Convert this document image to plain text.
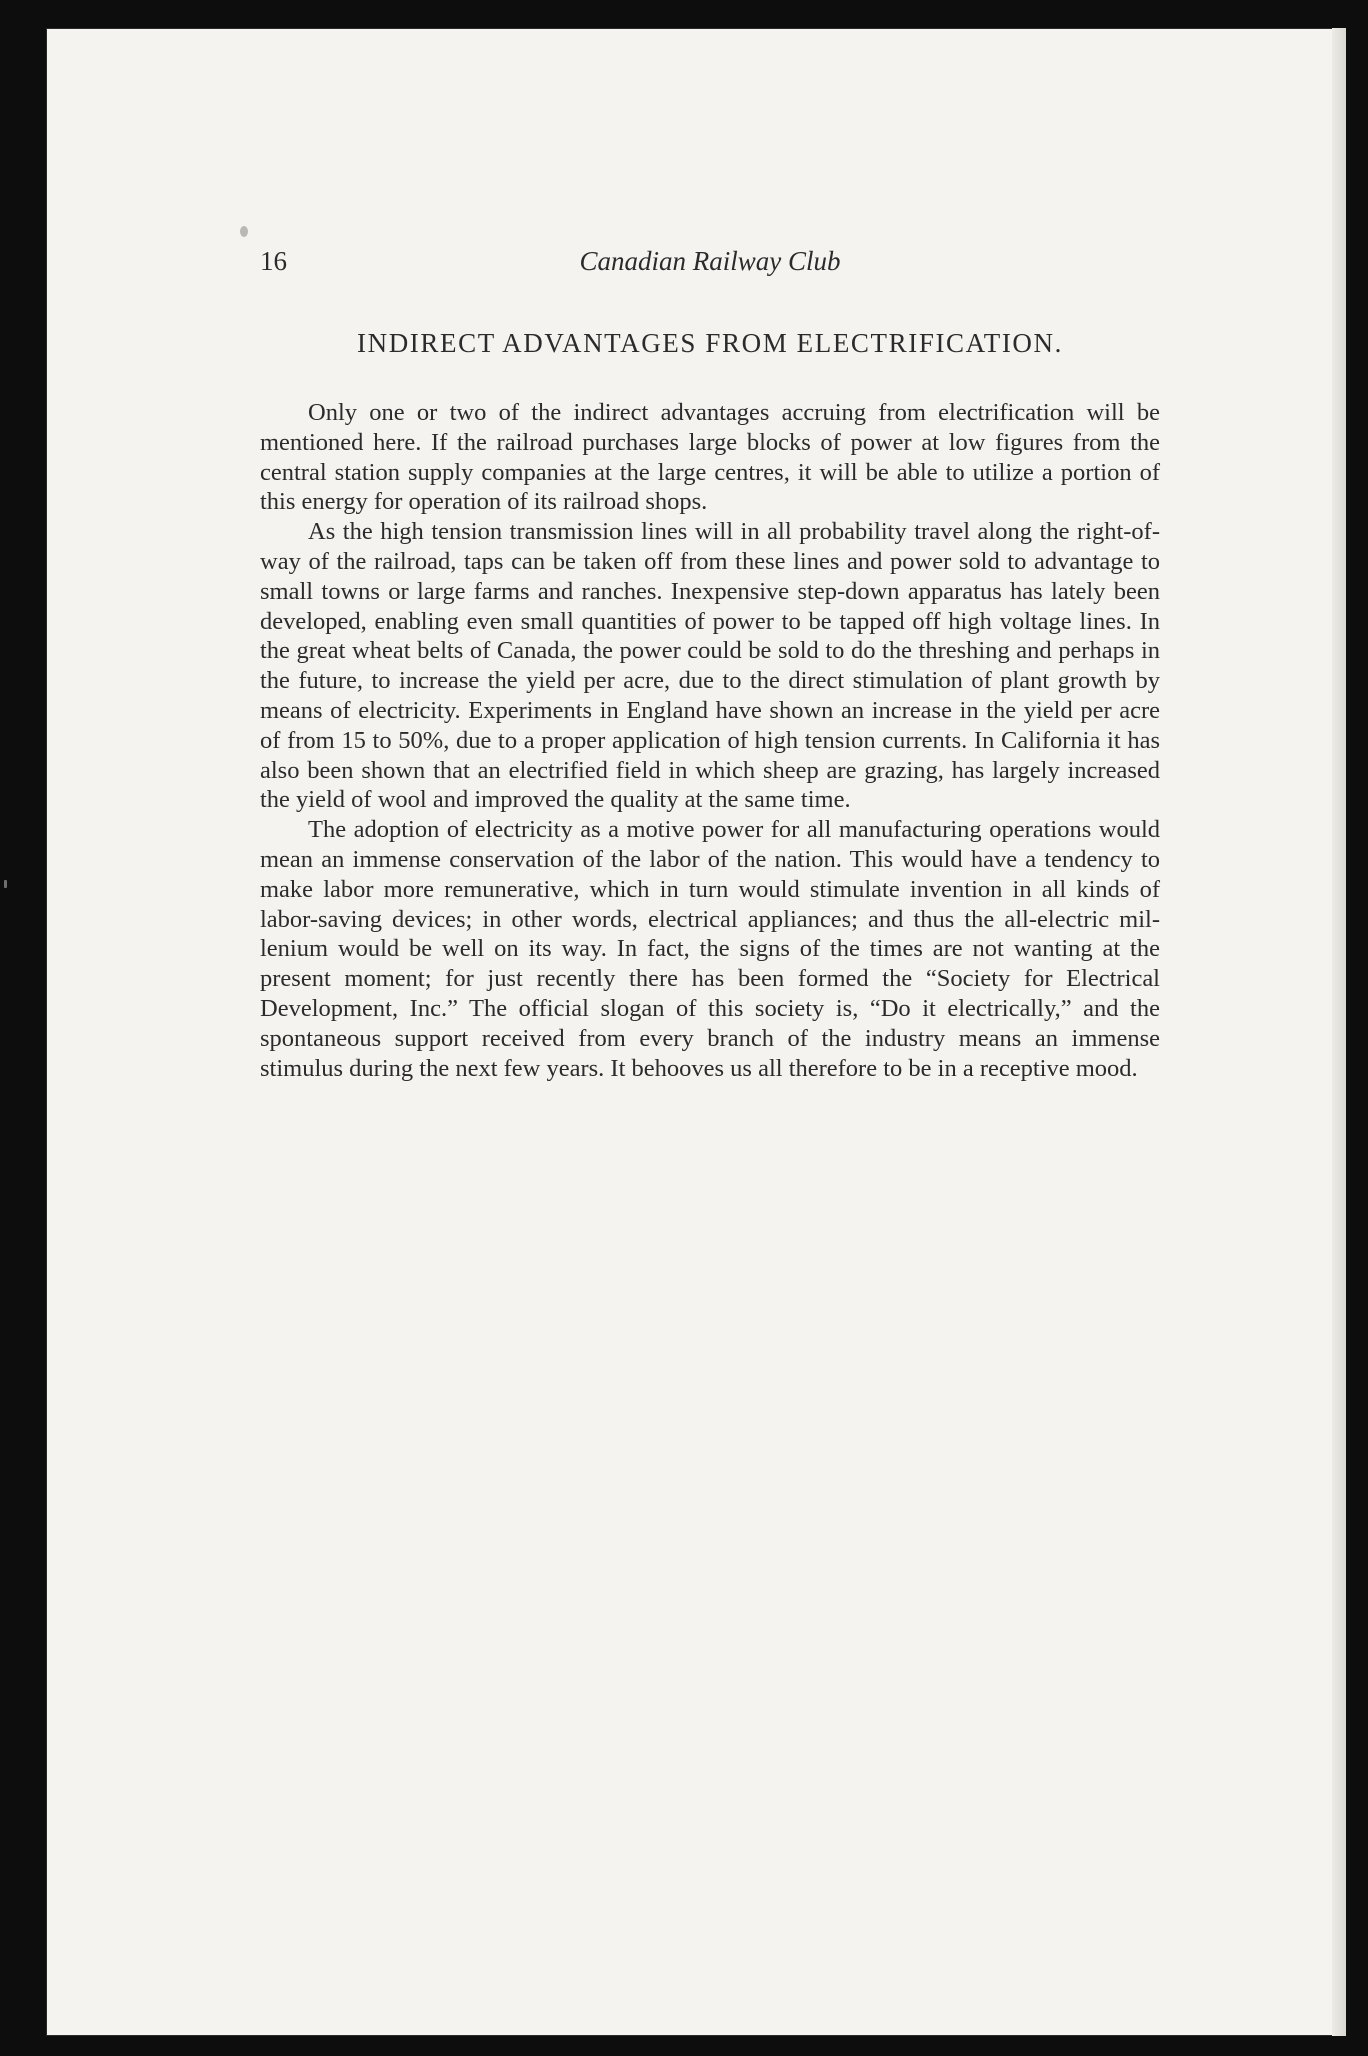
16	Canadian Railway Club
INDIRECT ADVANTAGES FROM ELECTRIFICATION.

Only one or two of the indirect advantages accruing from electrification will be mentioned here. If the railroad purchases large blocks of power at low figures from the central station supply companies at the large centres, it will be able to utilize a portion of this energy for operation of its railroad shops.

As the high tension transmission lines will in all probability travel along the right-of-way of the railroad, taps can be taken off from these lines and power sold to advantage to small towns or large farms and ranches. Inexpensive step-down apparatus has lately been developed, enabling even small quantities of power to be tapped off high voltage lines. In the great wheat belts of Canada, the power could be sold to do the threshing and perhaps in the future, to increase the yield per acre, due to the direct stimulation of plant growth by means of electricity. Experiments in England have shown an increase in the yield per acre of from 15 to 50%, due to a proper application of high tension currents. In California it has also been shown that an electrified field in which sheep are grazing, has largely increased the yield of wool and improved the quality at the same time.

The adoption of electricity as a motive power for all manufacturing operations would mean an immense conservation of the labor of the nation. This would have a tendency to make labor more remunerative, which in turn would stimulate invention in all kinds of labor-saving devices; in other words, electrical appliances; and thus the all-electric millenium would be well on its way. In fact, the signs of the times are not wanting at the present moment; for just recently there has been formed the “Society for Electrical Development, Inc.” The official slogan of this society is, “Do it electrically,” and the spontaneous support received from every branch of the industry means an immense stimulus during the next few years. It behooves us all therefore to be in a receptive mood.
